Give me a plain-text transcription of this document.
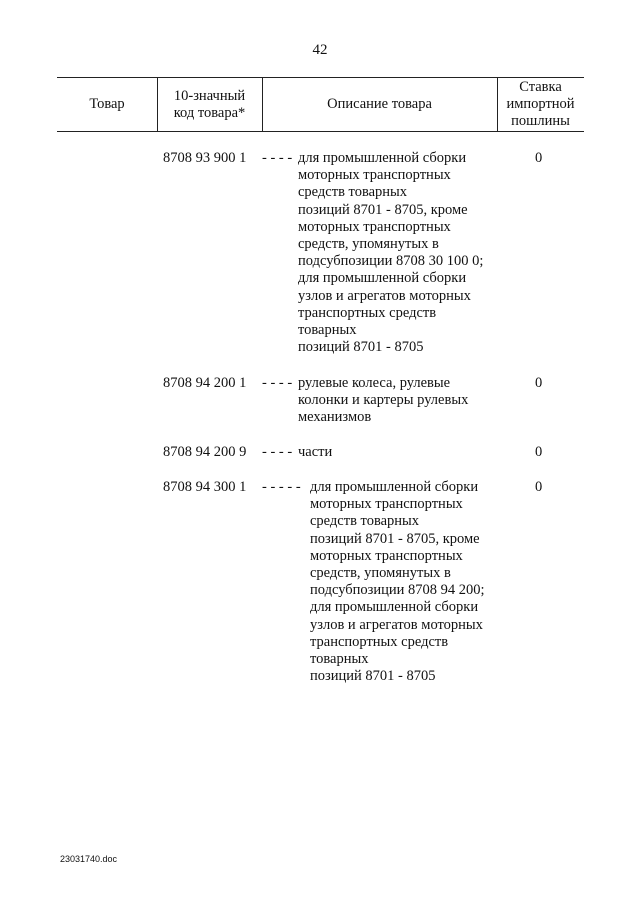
42
Товар
10-значный
код товара*
Описание товара
Ставка
импортной
пошлины
8708 93 900 1 - - - - для промышленной сборки
моторных транспортных
средств товарных
позиций 8701 - 8705, кроме
моторных транспортных
средств, упомянутых в
подсубпозиции 8708 30 100 0;
для промышленной сборки
узлов и агрегатов моторных
транспортных средств
товарных
позиций 8701 - 8705
0
8708 94 200 1 - - - - рулевые колеса, рулевые
колонки и картеры рулевых
механизмов
0
8708 94 200 9 - - - - части	0
8708 94 300 1 - - - - - для промышленной сборки
моторных транспортных
средств товарных
позиций 8701 - 8705, кроме
моторных транспортных
средств, упомянутых в
подсубпозиции 8708 94 200;
для промышленной сборки
узлов и агрегатов моторных
транспортных средств
товарных
позиций 8701 - 8705
0
23031740.doc
